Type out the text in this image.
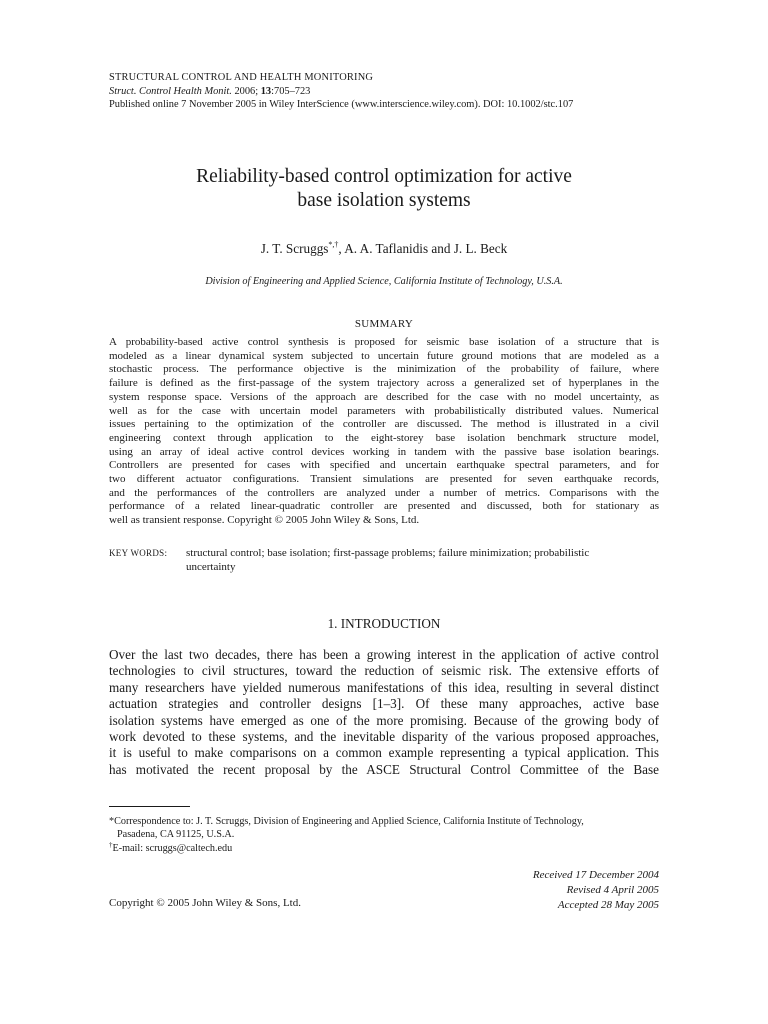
STRUCTURAL CONTROL AND HEALTH MONITORING
Struct. Control Health Monit. 2006; 13:705–723
Published online 7 November 2005 in Wiley InterScience (www.interscience.wiley.com). DOI: 10.1002/stc.107
Reliability-based control optimization for active
base isolation systems
J. T. Scruggs*,†, A. A. Taflanidis and J. L. Beck
Division of Engineering and Applied Science, California Institute of Technology, U.S.A.
SUMMARY
A probability-based active control synthesis is proposed for seismic base isolation of a structure that is
modeled as a linear dynamical system subjected to uncertain future ground motions that are modeled as a
stochastic process. The performance objective is the minimization of the probability of failure, where
failure is defined as the first-passage of the system trajectory across a generalized set of hyperplanes in the
system response space. Versions of the approach are described for the case with no model uncertainty, as
well as for the case with uncertain model parameters with probabilistically distributed values. Numerical
issues pertaining to the optimization of the controller are discussed. The method is illustrated in a civil
engineering context through application to the eight-storey base isolation benchmark structure model,
using an array of ideal active control devices working in tandem with the passive base isolation bearings.
Controllers are presented for cases with specified and uncertain earthquake spectral parameters, and for
two different actuator configurations. Transient simulations are presented for seven earthquake records,
and the performances of the controllers are analyzed under a number of metrics. Comparisons with the
performance of a related linear-quadratic controller are presented and discussed, both for stationary as
well as transient response. Copyright © 2005 John Wiley & Sons, Ltd.
KEY WORDS: structural control; base isolation; first-passage problems; failure minimization; probabilistic
uncertainty
1. INTRODUCTION
Over the last two decades, there has been a growing interest in the application of active control
technologies to civil structures, toward the reduction of seismic risk. The extensive efforts of
many researchers have yielded numerous manifestations of this idea, resulting in several distinct
actuation strategies and controller designs [1–3]. Of these many approaches, active base
isolation systems have emerged as one of the more promising. Because of the growing body of
work devoted to these systems, and the inevitable disparity of the various proposed approaches,
it is useful to make comparisons on a common example representing a typical application. This
has motivated the recent proposal by the ASCE Structural Control Committee of the Base
*Correspondence to: J. T. Scruggs, Division of Engineering and Applied Science, California Institute of Technology,
Pasadena, CA 91125, U.S.A.
†E-mail: scruggs@caltech.edu
Copyright © 2005 John Wiley & Sons, Ltd.
Received 17 December 2004
Revised 4 April 2005
Accepted 28 May 2005
